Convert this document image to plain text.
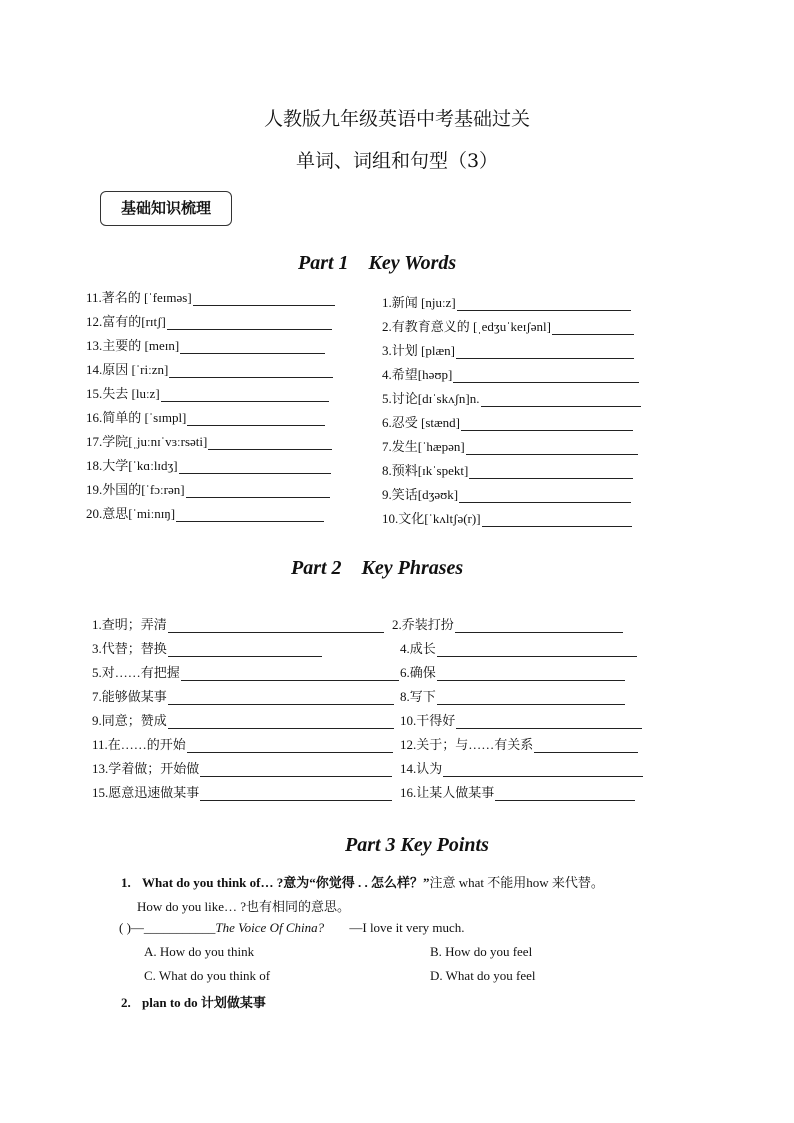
人教版九年级英语中考基础过关
单词、词组和句型（3）
基础知识梳理
Part 1    Key Words
11.著名的 [ˈfeɪməs]
12.富有的[rɪtʃ]
13.主要的 [meɪn]
14.原因 [ˈriːzn]
15.失去 [luːz]
16.简单的 [ˈsɪmpl]
17.学院[ˌjuːnɪˈvɜːrsəti]
18.大学[ˈkɑːlɪdʒ]
19.外国的[ˈfɔːrən]
20.意思[ˈmiːnɪŋ]
1.新闻 [njuːz]
2.有教育意义的 [ˌedʒuˈkeɪʃənl]
3.计划 [plæn]
4.希望[həʊp]
5.讨论[dɪˈskʌʃn]n.
6.忍受 [stænd]
7.发生[ˈhæpən]
8.预料[ɪkˈspekt]
9.笑话[dʒəʊk]
10.文化[ˈkʌltʃə(r)]
Part 2    Key Phrases
1.查明；弄清
3.代替；替换
5.对……有把握
7.能够做某事
9.同意；赞成
11.在……的开始
13.学着做；开始做
15.愿意迅速做某事
2.乔装打扮
4.成长
6.确保
8.写下
10.干得好
12.关于；与……有关系
14.认为
16.让某人做某事
Part 3 Key Points
1. What do you think of… ?意为“你觉得 . . 怎么样？”注意 what 不能用how 来代替。
How do you like… ?也有相同的意思。
( )—___________The Voice Of China? —I love it very much.
A. How do you think	B. How do you feel
C. What do you think of	D. What do you feel
2. plan to do 计划做某事
